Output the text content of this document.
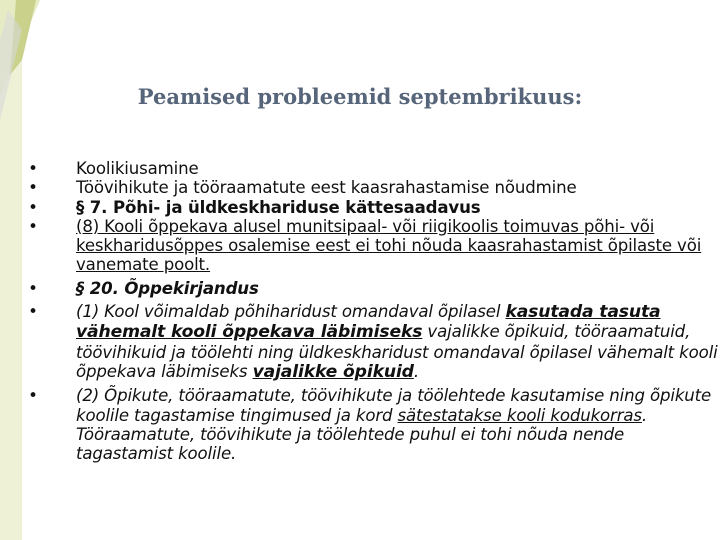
Peamised probleemid septembrikuus:
• Koolikiusamine
• Töövihikute ja tööraamatute eest kaasrahastamise nõudmine
• § 7. Põhi- ja üldkeskhariduse kättesaadavus
• (8) Kooli õppekava alusel munitsipaal- või riigikoolis toimuvas põhi- või keskharidusõppes osalemise eest ei tohi nõuda kaasrahastamist õpilaste või vanemate poolt.
• § 20. Õppekirjandus
• (1) Kool võimaldab põhiharidust omandaval õpilasel kasutada tasuta vähemalt kooli õppekava läbimiseks vajalikke õpikuid, tööraamatuid, töövihikuid ja töölehti ning üldkeskharidust omandaval õpilasel vähemalt kooli õppekava läbimiseks vajalikke õpikuid.
• (2) Õpikute, tööraamatute, töövihikute ja töölehtede kasutamise ning õpikute koolile tagastamise tingimused ja kord sätestatakse kooli kodukorras. Tööraamatute, töövihikute ja töölehtede puhul ei tohi nõuda nende tagastamist koolile.
